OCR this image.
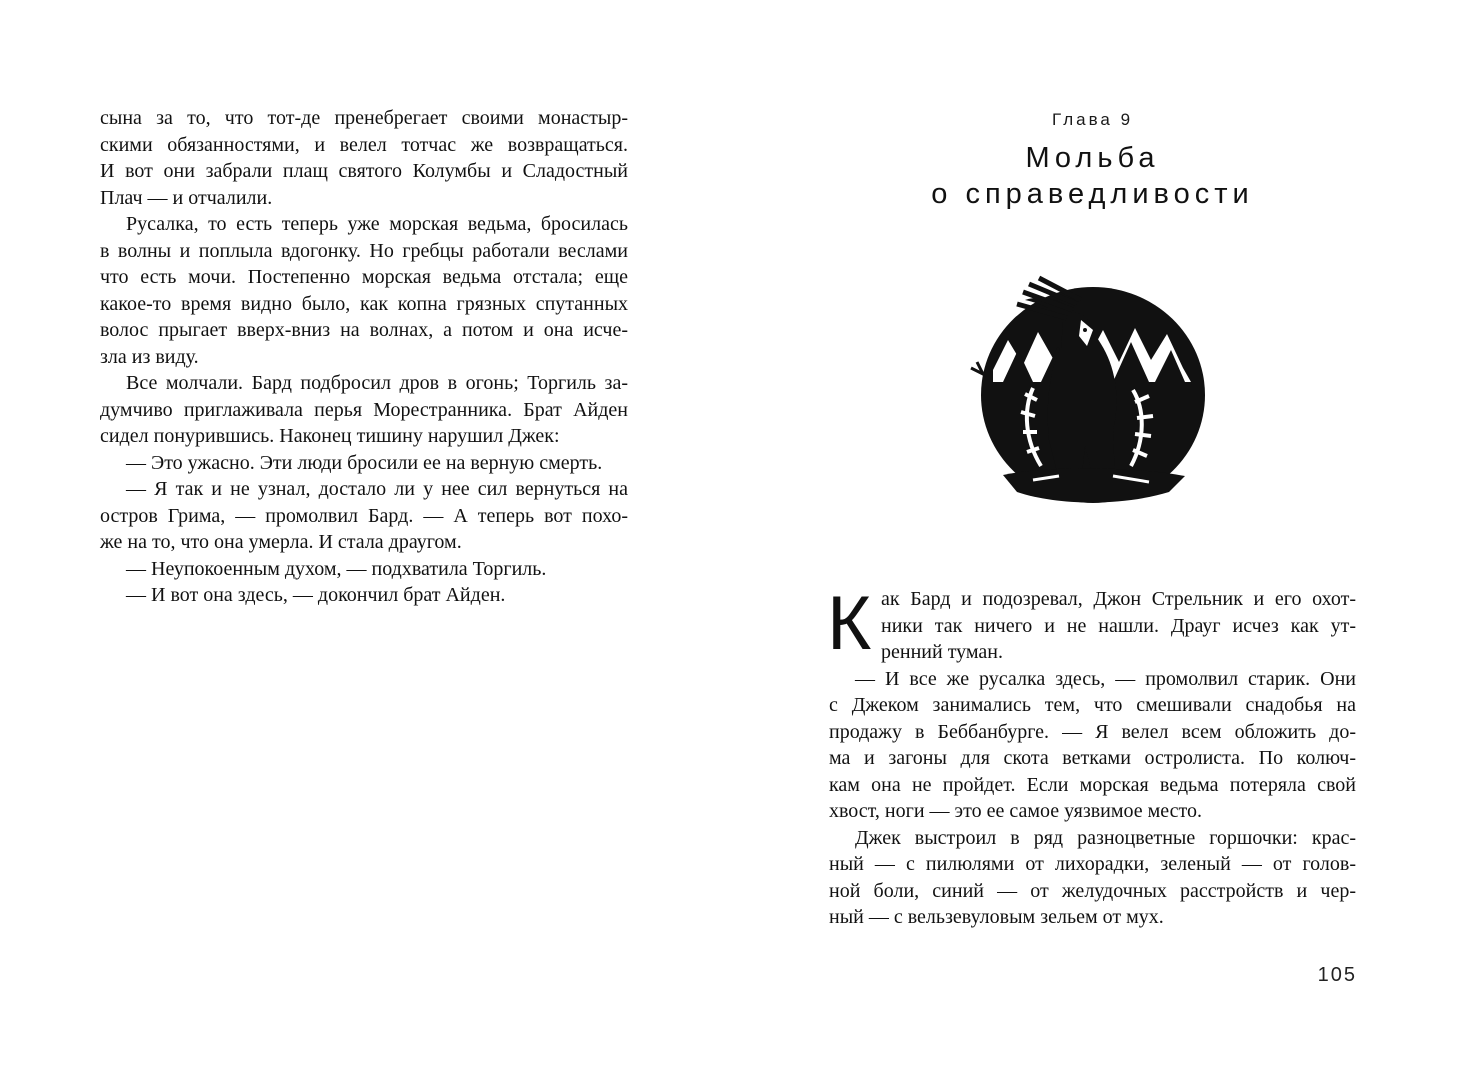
сына за то, что тот-де пренебрегает своими монастыр-
скими обязанностями, и велел тотчас же возвращаться.
И вот они забрали плащ святого Колумбы и Сладостный
Плач — и отчалили.
Русалка, то есть теперь уже морская ведьма, бросилась
в волны и поплыла вдогонку. Но гребцы работали веслами
что есть мочи. Постепенно морская ведьма отстала; еще
какое-то время видно было, как копна грязных спутанных
волос прыгает вверх-вниз на волнах, а потом и она исче-
зла из виду.
Все молчали. Бард подбросил дров в огонь; Торгиль за-
думчиво приглаживала перья Морестранника. Брат Айден
сидел понурившись. Наконец тишину нарушил Джек:
— Это ужасно. Эти люди бросили ее на верную смерть.
— Я так и не узнал, достало ли у нее сил вернуться на
остров Грима, — промолвил Бард. — А теперь вот похо-
же на то, что она умерла. И стала драугом.
— Неупокоенным духом, — подхватила Торгиль.
— И вот она здесь, — докончил брат Айден.
Глава 9
Мольба
о справедливости
К ак Бард и подозревал, Джон Стрельник и его охот-
ники так ничего и не нашли. Драуг исчез как ут-
ренний туман.
— И все же русалка здесь, — промолвил старик. Они
с Джеком занимались тем, что смешивали снадобья на
продажу в Беббанбурге. — Я велел всем обложить до-
ма и загоны для скота ветками остролиста. По колюч-
кам она не пройдет. Если морская ведьма потеряла свой
хвост, ноги — это ее самое уязвимое место.
Джек выстроил в ряд разноцветные горшочки: крас-
ный — с пилюлями от лихорадки, зеленый — от голов-
ной боли, синий — от желудочных расстройств и чер-
ный — с вельзевуловым зельем от мух.
105
